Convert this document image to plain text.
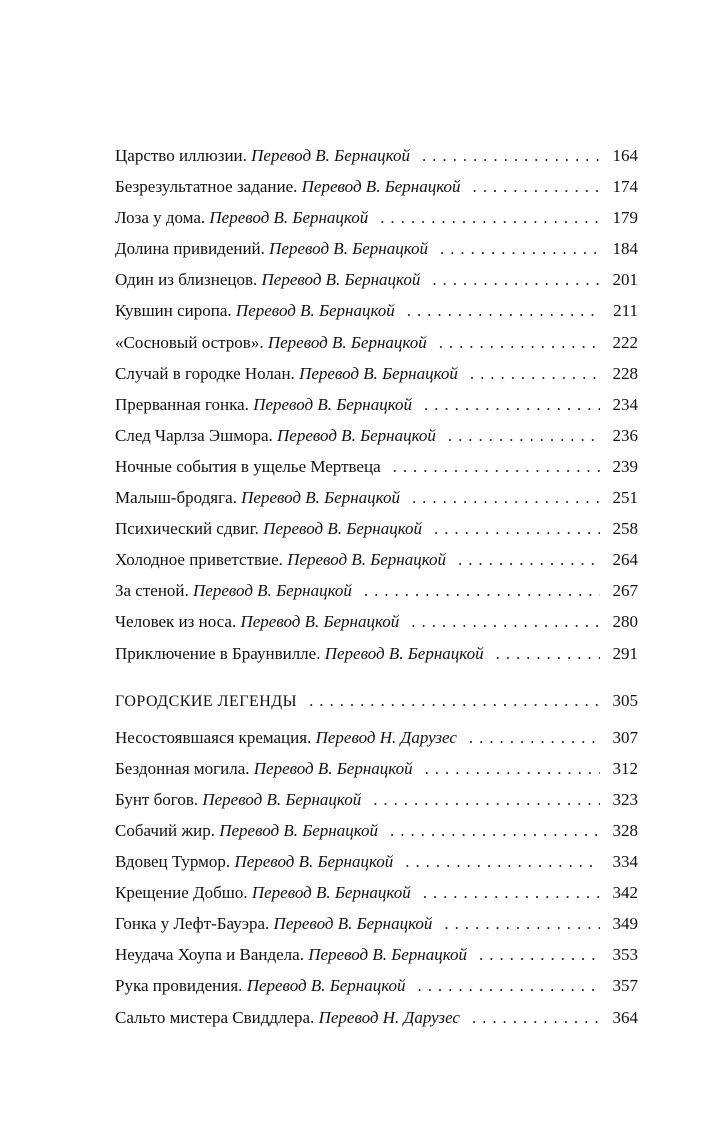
Царство иллюзии. Перевод В. Бернацкой . . .	164
Безрезультатное задание. Перевод В. Бернацкой . . .	174
Лоза у дома. Перевод В. Бернацкой . . .	179
Долина привидений. Перевод В. Бернацкой . . .	184
Один из близнецов. Перевод В. Бернацкой . . .	201
Кувшин сиропа. Перевод В. Бернацкой . . .	211
«Сосновый остров». Перевод В. Бернацкой . . .	222
Случай в городке Нолан. Перевод В. Бернацкой . . .	228
Прерванная гонка. Перевод В. Бернацкой . . .	234
След Чарлза Эшмора. Перевод В. Бернацкой . . .	236
Ночные события в ущелье Мертвеца . . .	239
Малыш-бродяга. Перевод В. Бернацкой . . .	251
Психический сдвиг. Перевод В. Бернацкой . . .	258
Холодное приветствие. Перевод В. Бернацкой . . .	264
За стеной. Перевод В. Бернацкой . . .	267
Человек из носа. Перевод В. Бернацкой . . .	280
Приключение в Браунвилле. Перевод В. Бернацкой . . .	291
ГОРОДСКИЕ ЛЕГЕНДЫ . . .	305
Несостоявшаяся кремация. Перевод Н. Дарузес . . .	307
Бездонная могила. Перевод В. Бернацкой . . .	312
Бунт богов. Перевод В. Бернацкой . . .	323
Собачий жир. Перевод В. Бернацкой . . .	328
Вдовец Турмор. Перевод В. Бернацкой . . .	334
Крещение Добшо. Перевод В. Бернацкой . . .	342
Гонка у Лефт-Бауэра. Перевод В. Бернацкой . . .	349
Неудача Хоупа и Вандела. Перевод В. Бернацкой . . .	353
Рука провидения. Перевод В. Бернацкой . . .	357
Сальто мистера Свиддлера. Перевод Н. Дарузес . . .	364
